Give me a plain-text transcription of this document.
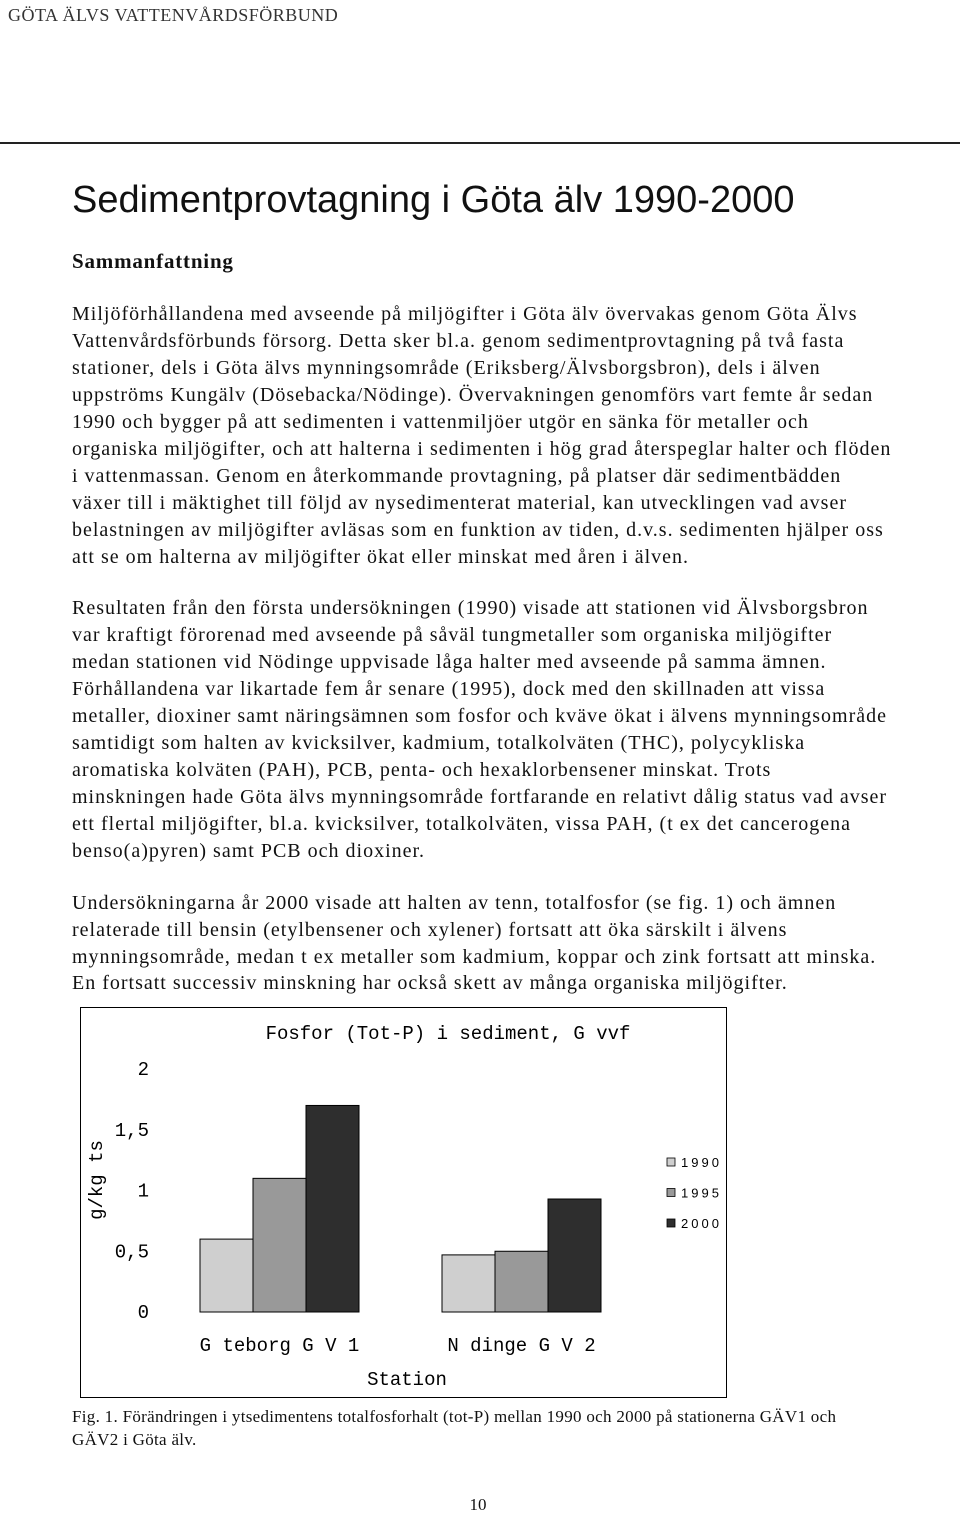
GÖTA ÄLVS VATTENVÅRDSFÖRBUND
Sedimentprovtagning i Göta älv 1990-2000
Sammanfattning
Miljöförhållandena med avseende på miljögifter i Göta älv övervakas genom Göta Älvs
Vattenvårdsförbunds försorg. Detta sker bl.a. genom sedimentprovtagning på två fasta
stationer, dels i Göta älvs mynningsområde (Eriksberg/Älvsborgsbron), dels i älven
uppströms Kungälv (Dösebacka/Nödinge). Övervakningen genomförs vart femte år sedan
1990 och bygger på att sedimenten i vattenmiljöer utgör en sänka för metaller och
organiska miljögifter, och att halterna i sedimenten i hög grad återspeglar halter och flöden
i vattenmassan. Genom en återkommande provtagning, på platser där sedimentbädden
växer till i mäktighet till följd av nysedimenterat material, kan utvecklingen vad avser
belastningen av miljögifter avläsas som en funktion av tiden, d.v.s. sedimenten hjälper oss
att se om halterna av miljögifter ökat eller minskat med åren i älven.
Resultaten från den första undersökningen (1990) visade att stationen vid Älvsborgsbron
var kraftigt förorenad med avseende på såväl tungmetaller som organiska miljögifter
medan stationen vid Nödinge uppvisade låga halter med avseende på samma ämnen.
Förhållandena var likartade fem år senare (1995), dock med den skillnaden att vissa
metaller, dioxiner samt näringsämnen som fosfor och kväve ökat i älvens mynningsområde
samtidigt som halten av kvicksilver, kadmium, totalkolväten (THC), polycykliska
aromatiska kolväten (PAH), PCB, penta- och hexaklorbensener minskat. Trots
minskningen hade Göta älvs mynningsområde fortfarande en relativt dålig status vad avser
ett flertal miljögifter, bl.a. kvicksilver, totalkolväten, vissa PAH, (t ex det cancerogena
benso(a)pyren) samt PCB och dioxiner.
Undersökningarna år 2000 visade att halten av tenn, totalfosfor (se fig. 1) och ämnen
relaterade till bensin (etylbensener och xylener) fortsatt att öka särskilt i älvens
mynningsområde, medan t ex metaller som kadmium, koppar och zink fortsatt att minska.
En fortsatt successiv minskning har också skett av många organiska miljögifter.
Fosfor (Tot-P) i sediment, G vvf
g/kg ts
Station
0
0,5
1
1,5
2
G teborg G V 1	N dinge G V 2
1990
1995
2000
Fig. 1. Förändringen i ytsedimentens totalfosforhalt (tot-P) mellan 1990 och 2000 på stationerna GÄV1 och
GÄV2 i Göta älv.
10
